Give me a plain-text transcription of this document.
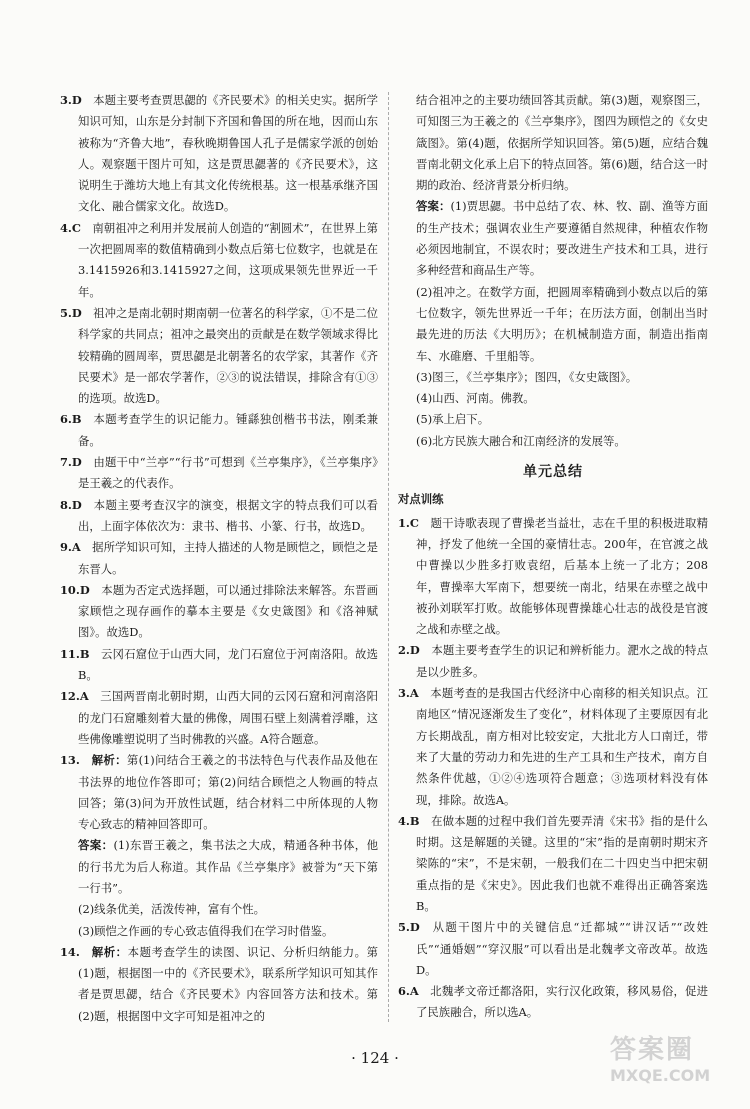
3.D  本题主要考查贾思勰的《齐民要术》的相关史实。据所学知识可知，山东是分封制下齐国和鲁国的所在地，因而山东被称为“齐鲁大地”，春秋晚期鲁国人孔子是儒家学派的创始人。观察题干图片可知，这是贾思勰著的《齐民要术》，这说明生于潍坊大地上有其文化传统根基。这一根基承继齐国文化、融合儒家文化。故选D。

4.C  南朝祖冲之利用并发展前人创造的“割圆术”，在世界上第一次把圆周率的数值精确到小数点后第七位数字，也就是在3.1415926和3.1415927之间，这项成果领先世界近一千年。

5.D  祖冲之是南北朝时期南朝一位著名的科学家，①不是二位科学家的共同点；祖冲之最突出的贡献是在数学领域求得比较精确的圆周率，贾思勰是北朝著名的农学家，其著作《齐民要术》是一部农学著作，②③的说法错误，排除含有①③的选项。故选D。

6.B  本题考查学生的识记能力。锺繇独创楷书书法，刚柔兼备。

7.D  由题干中“兰亭”“行书”可想到《兰亭集序》，《兰亭集序》是王羲之的代表作。

8.D  本题主要考查汉字的演变，根据文字的特点我们可以看出，上面字体依次为：隶书、楷书、小篆、行书，故选D。

9.A  据所学知识可知，主持人描述的人物是顾恺之，顾恺之是东晋人。

10.D  本题为否定式选择题，可以通过排除法来解答。东晋画家顾恺之现存画作的摹本主要是《女史箴图》和《洛神赋图》。故选D。

11.B  云冈石窟位于山西大同，龙门石窟位于河南洛阳。故选B。

12.A  三国两晋南北朝时期，山西大同的云冈石窟和河南洛阳的龙门石窟雕刻着大量的佛像，周围石壁上刻满着浮雕，这些佛像雕塑说明了当时佛教的兴盛。A符合题意。

13.  解析：第(1)问结合王羲之的书法特色与代表作品及他在书法界的地位作答即可；第(2)问结合顾恺之人物画的特点回答；第(3)问为开放性试题，结合材料二中所体现的人物专心致志的精神回答即可。

答案：(1)东晋王羲之，集书法之大成，精通各种书体，他的行书尤为后人称道。其作品《兰亭集序》被誉为“天下第一行书”。

(2)线条优美，活泼传神，富有个性。

(3)顾恺之作画的专心致志值得我们在学习时借鉴。

14.  解析：本题考查学生的读图、识记、分析归纳能力。第(1)题，根据图一中的《齐民要术》，联系所学知识可知其作者是贾思勰，结合《齐民要术》内容回答方法和技术。第(2)题，根据图中文字可知是祖冲之的

结合祖冲之的主要功绩回答其贡献。第(3)题，观察图三，可知图三为王羲之的《兰亭集序》，图四为顾恺之的《女史箴图》。第(4)题，依据所学知识回答。第(5)题，应结合魏晋南北朝文化承上启下的特点回答。第(6)题，结合这一时期的政治、经济背景分析归纳。

答案：(1)贾思勰。书中总结了农、林、牧、副、渔等方面的生产技术；强调农业生产要遵循自然规律，种植农作物必须因地制宜，不误农时；要改进生产技术和工具，进行多种经营和商品生产等。

(2)祖冲之。在数学方面，把圆周率精确到小数点以后的第七位数字，领先世界近一千年；在历法方面，创制出当时最先进的历法《大明历》；在机械制造方面，制造出指南车、水碓磨、千里船等。

(3)图三，《兰亭集序》；图四，《女史箴图》。

(4)山西、河南。佛教。

(5)承上启下。

(6)北方民族大融合和江南经济的发展等。

单元总结
对点训练

1.C  题干诗歌表现了曹操老当益壮，志在千里的积极进取精神，抒发了他统一全国的豪情壮志。200年，在官渡之战中曹操以少胜多打败袁绍，后基本上统一了北方；208年，曹操率大军南下，想要统一南北，结果在赤壁之战中被孙刘联军打败。故能够体现曹操雄心壮志的战役是官渡之战和赤壁之战。

2.D  本题主要考查学生的识记和辨析能力。淝水之战的特点是以少胜多。

3.A  本题考查的是我国古代经济中心南移的相关知识点。江南地区“情况逐渐发生了变化”，材料体现了主要原因有北方长期战乱，南方相对比较安定，大批北方人口南迁，带来了大量的劳动力和先进的生产工具和生产技术，南方自然条件优越，①②④选项符合题意；③选项材料没有体现，排除。故选A。

4.B  在做本题的过程中我们首先要弄清《宋书》指的是什么时期。这是解题的关键。这里的“宋”指的是南朝时期宋齐梁陈的“宋”，不是宋朝，一般我们在二十四史当中把宋朝重点指的是《宋史》。因此我们也就不难得出正确答案选B。

5.D  从题干图片中的关键信息“迁都城”“讲汉话”“改姓氏”“通婚姻”“穿汉服”可以看出是北魏孝文帝改革。故选D。

6.A  北魏孝文帝迁都洛阳，实行汉化政策，移风易俗，促进了民族融合，所以选A。

· 124 ·	答案圈
MXQE.COM
